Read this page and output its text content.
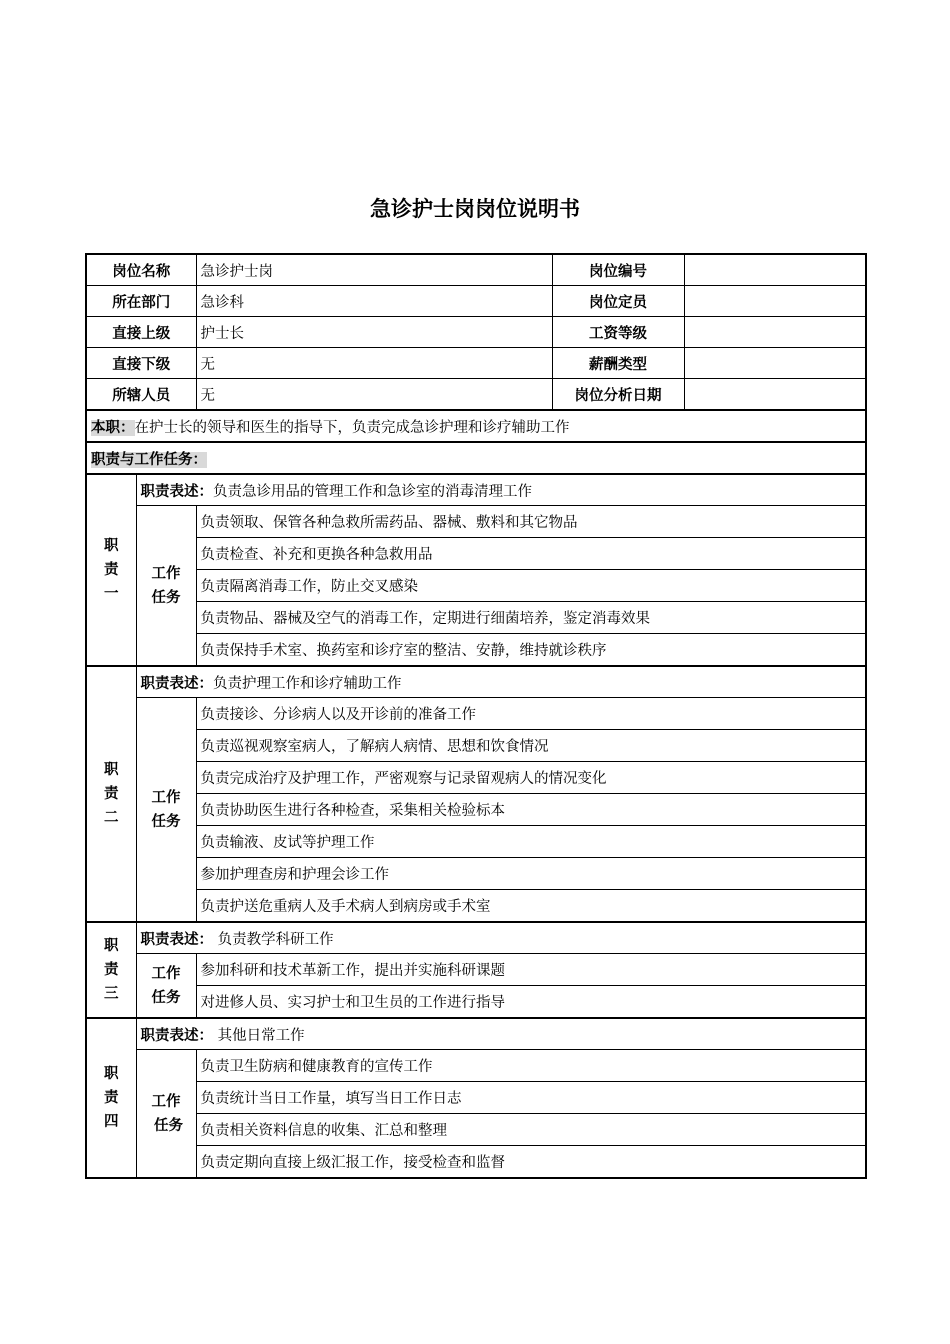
急诊护士岗岗位说明书
岗位名称		急诊护士岗	岗位编号	
所在部门		急诊科	岗位定员	
直接上级		护士长	工资等级	
直接下级		无	薪酬类型	
所辖人员		无	岗位分析日期	
本职：在护士长的领导和医生的指导下，负责完成急诊护理和诊疗辅助工作				
职责与工作任务：				
职
责
一	职责表述：负责急诊用品的管理工作和急诊室的消毒清理工作			
	工作
任务	负责领取、保管各种急救所需药品、器械、敷料和其它物品		
		负责检查、补充和更换各种急救用品		
		负责隔离消毒工作，防止交叉感染		
		负责物品、器械及空气的消毒工作，定期进行细菌培养，鉴定消毒效果		
		负责保持手术室、换药室和诊疗室的整洁、安静，维持就诊秩序		
职
责
二	职责表述：负责护理工作和诊疗辅助工作			
	工作
任务	负责接诊、分诊病人以及开诊前的准备工作		
		负责巡视观察室病人，了解病人病情、思想和饮食情况		
		负责完成治疗及护理工作，严密观察与记录留观病人的情况变化		
		负责协助医生进行各种检查，采集相关检验标本		
		负责输液、皮试等护理工作		
		参加护理查房和护理会诊工作		
		负责护送危重病人及手术病人到病房或手术室		
职
责
三	职责表述： 负责教学科研工作			
	工作
任务	参加科研和技术革新工作，提出并实施科研课题		
		对进修人员、实习护士和卫生员的工作进行指导		
职
责
四	职责表述： 其他日常工作			
	工作
任务	负责卫生防病和健康教育的宣传工作		
		负责统计当日工作量，填写当日工作日志		
		负责相关资料信息的收集、汇总和整理		
		负责定期向直接上级汇报工作，接受检查和监督		
